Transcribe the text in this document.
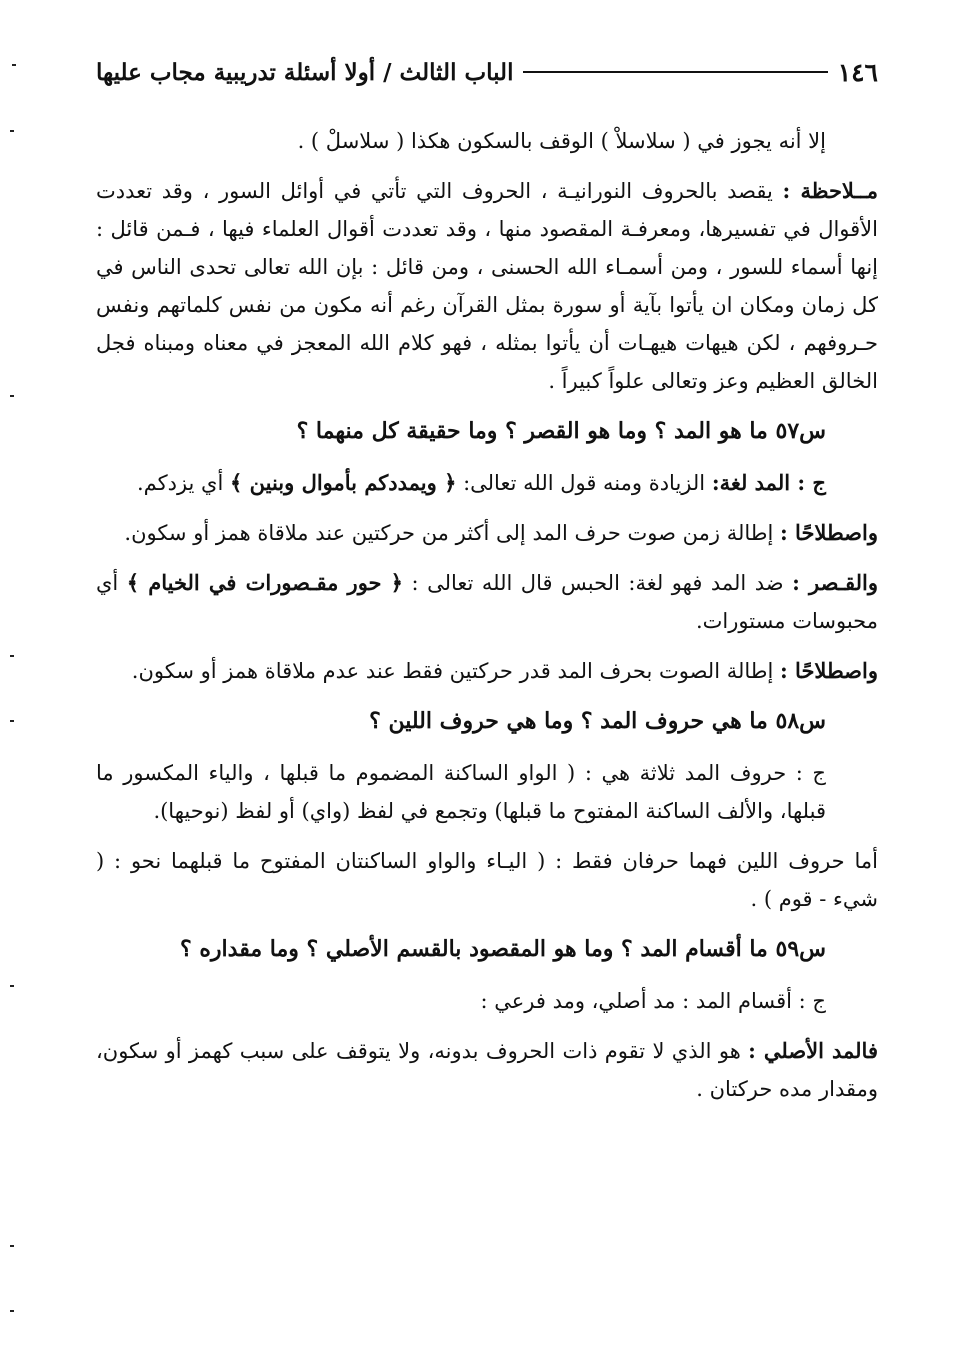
١٤٦
الباب الثالث / أولا أسئلة تدريبية مجاب عليها

إلا أنه يجوز في ( سلاسلاْ ) الوقف بالسكون هكذا ( سلاسلْ ) .

مــلاحظة : يقصد بالحروف النورانيـة ، الحروف التي تأتي في أوائل السور ، وقد تعددت الأقوال في تفسيرها، ومعرفـة المقصود منها ، وقد تعددت أقوال العلماء فيها ، فـمن قائل : إنها أسماء للسور ، ومن أسمـاء الله الحسنى ، ومن قائل : بإن الله تعالى تحدى الناس في كل زمان ومكان ان يأتوا بآية أو سورة بمثل القرآن رغم أنه مكون من نفس كلماتهم ونفس حـروفهم ، لكن هيهات هيهـات أن يأتوا بمثله ، فهو كلام الله المعجز في معناه ومبناه فجل الخالق العظيم وعز وتعالى علواً كبيراً .

س٥٧ ما هو المد ؟ وما هو القصر ؟ وما حقيقة كل منهما ؟

ج : المد لغة: الزيادة ومنه قول الله تعالى: ﴿ ويمددكم بأموال وبنين ﴾ أي يزدكم.

واصطلاحًا : إطالة زمن صوت حرف المد إلى أكثر من حركتين عند ملاقاة همز أو سكون.

والقـصر : ضد المد فهو لغة: الحبس قال الله تعالى : ﴿ حور مقـصورات في الخيام ﴾ أي محبوسات مستورات.

واصطلاحًا : إطالة الصوت بحرف المد قدر حركتين فقط عند عدم ملاقاة همز أو سكون.

س٥٨ ما هي حروف المد ؟ وما هي حروف اللين ؟

ج : حروف المد ثلاثة هي : ( الواو الساكنة المضموم ما قبلها ، والياء المكسور ما قبلها، والألف الساكنة المفتوح ما قبلها) وتجمع في لفظ (واي) أو لفظ (نوحيها).

أما حروف اللين فهما حرفان فقط : ( اليـاء والواو الساكنتان المفتوح ما قبلهما نحو : ( شيء - قوم ) .

س٥٩ ما أقسام المد ؟ وما هو المقصود بالقسم الأصلي ؟ وما مقداره ؟

ج : أقسام المد : مد أصلي، ومد فرعي :

فالمد الأصلي : هو الذي لا تقوم ذات الحروف بدونه، ولا يتوقف على سبب كهمز أو سكون، ومقدار مده حركتان .
